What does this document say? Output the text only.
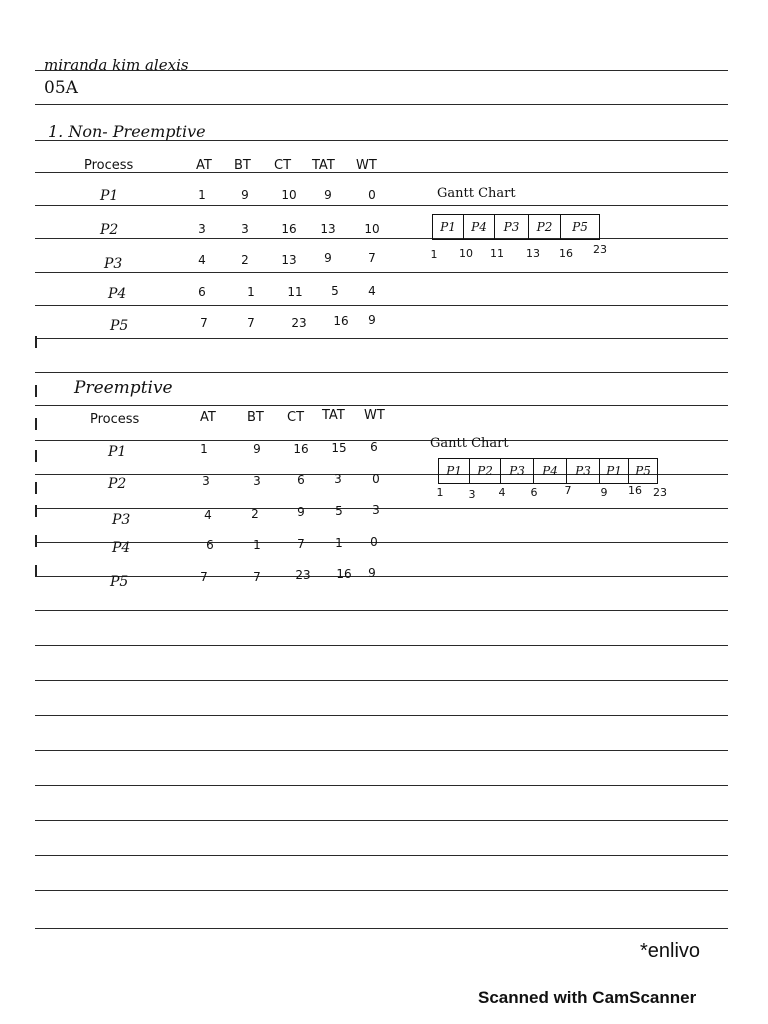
miranda kim alexis
05A
1. Non- Preemptive
Process	AT BT CT TAT WT
P1	1	9	10	9	0
P2	3	3	16	13	10
P3	4	2	13	9	7
P4	6	1	11	5	4
P5	7	7	23	16	9
Gantt Chart
P1	P4	P3	P2	P5
1 10 11 13 16 23
Preemptive
Process	AT BT CT TAT WT
P1	1	9	16	15	6
P2	3	3	6	3	0
P3	4	2	9	5	3
P4	6	1	7	1	0
P5	7	7	23	16	9
Gantt Chart
P1	P2	P3	P4	P3	P1	P5
1 3 4 6 7	9 16 23
*enlivo
Scanned with CamScanner
